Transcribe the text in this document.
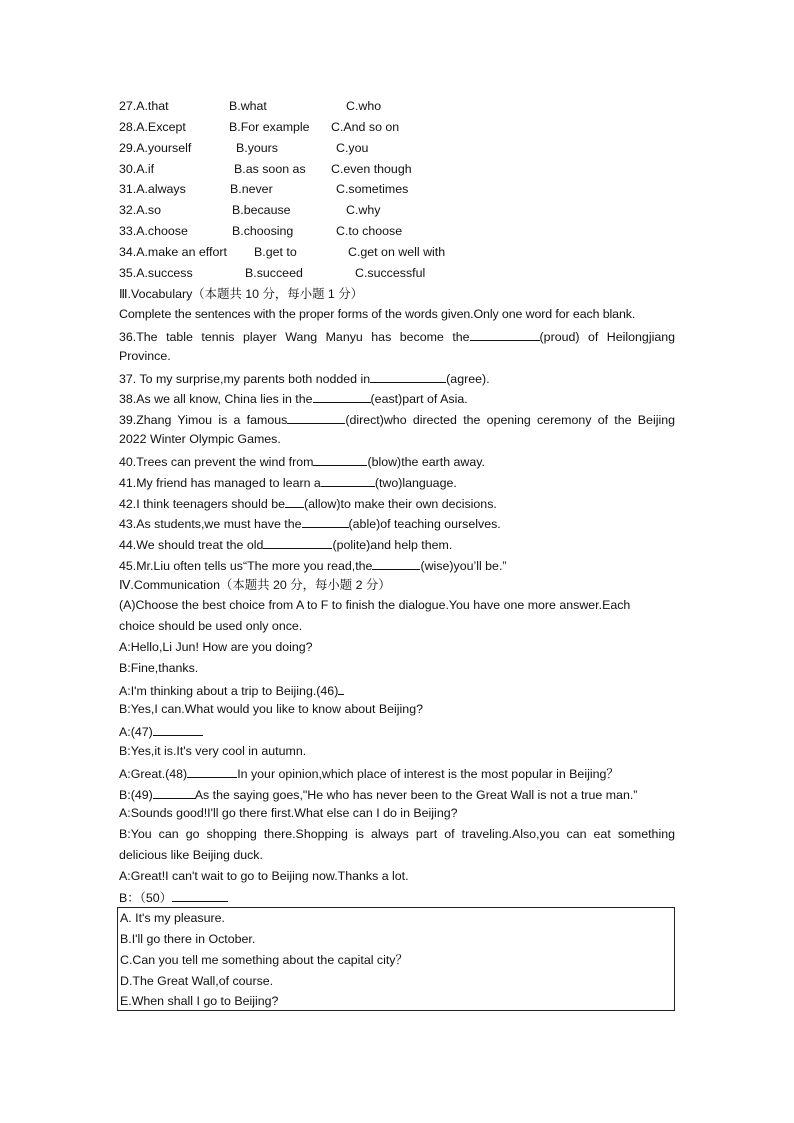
27.A.that	B.what	C.who
28.A.Except	B.For example C.And so on
29.A.yourself	B.yours	C.you
30.A.if	B.as soon as C.even though
31.A.always	B.never	C.sometimes
32.A.so	B.because	C.why
33.A.choose	B.choosing	C.to choose
34.A.make an effort B.get to	C.get on well with
35.A.success	B.succeed	C.successful
Ⅲ.Vocabulary（本题共 10 分，每小题 1 分）
Complete the sentences with the proper forms of the words given.Only one word for each blank.
36.The table tennis player Wang Manyu has become the	(proud) of Heilongjiang
Province.
37. To my surprise,my parents both nodded in	(agree).
38.As we all know, China lies in the	(east)part of Asia.
39.Zhang Yimou is a famous	(direct)who directed the opening ceremony of the Beijing
2022 Winter Olympic Games.
40.Trees can prevent the wind from	(blow)the earth away.
41.My friend has managed to learn a	(two)language.
42.I think teenagers should be (allow)to make their own decisions.
43.As students,we must have the	(able)of teaching ourselves.
44.We should treat the old	(polite)and help them.
45.Mr.Liu often tells us“The more you read,the	(wise)you’ll be.”
Ⅳ.Communication（本题共 20 分，每小题 2 分）
(A)Choose the best choice from A to F to finish the dialogue.You have one more answer.Each
choice should be used only once.
A:Hello,Li Jun! How are you doing?
B:Fine,thanks.
A:I'm thinking about a trip to Beijing.(46)
B:Yes,I can.What would you like to know about Beijing?
A:(47)
B:Yes,it is.It's very cool in autumn.
A:Great.(48)	In your opinion,which place of interest is the most popular in Beijing？
B:(49)	As the saying goes,"He who has never been to the Great Wall is not a true man.”
A:Sounds good!I'll go there first.What else can I do in Beijing?
B:You can go shopping there.Shopping is always part of traveling.Also,you can eat something
delicious like Beijing duck.
A:Great!I can't wait to go to Beijing now.Thanks a lot.
B：（50）
A. It's my pleasure.
B.I'll go there in October.
C.Can you tell me something about the capital city？
D.The Great Wall,of course.
E.When shall I go to Beijing?
